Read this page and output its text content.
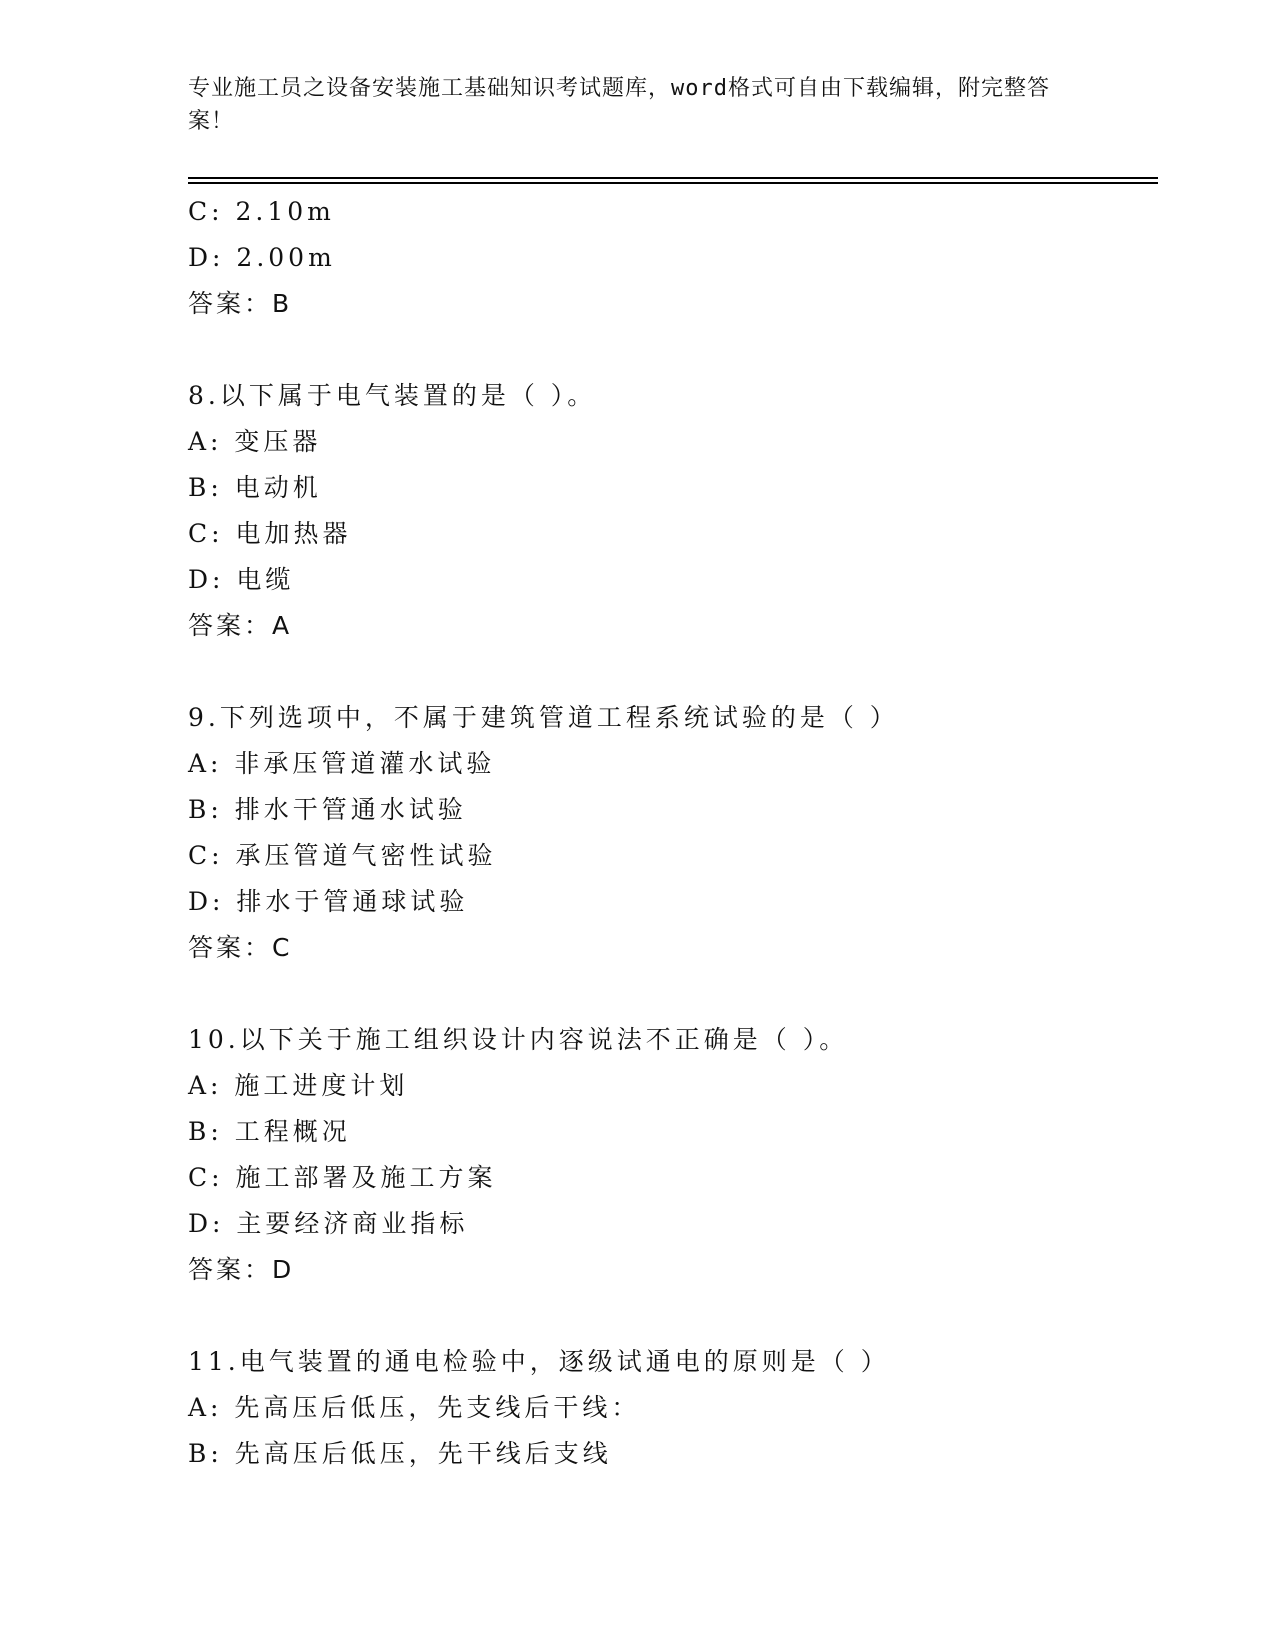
专业施工员之设备安装施工基础知识考试题库，word格式可自由下载编辑，附完整答案！
C: 2.10m
D: 2.00m
答案：B
8.以下属于电气装置的是（ ）。
A: 变压器
B: 电动机
C: 电加热器
D: 电缆
答案：A
9.下列选项中，不属于建筑管道工程系统试验的是（ ）
A: 非承压管道灌水试验
B: 排水干管通水试验
C: 承压管道气密性试验
D: 排水于管通球试验
答案：C
10.以下关于施工组织设计内容说法不正确是（ ）。
A: 施工进度计划
B: 工程概况
C: 施工部署及施工方案
D: 主要经济商业指标
答案：D
11.电气装置的通电检验中，逐级试通电的原则是（ ）
A: 先高压后低压，先支线后干线：
B: 先高压后低压，先干线后支线
